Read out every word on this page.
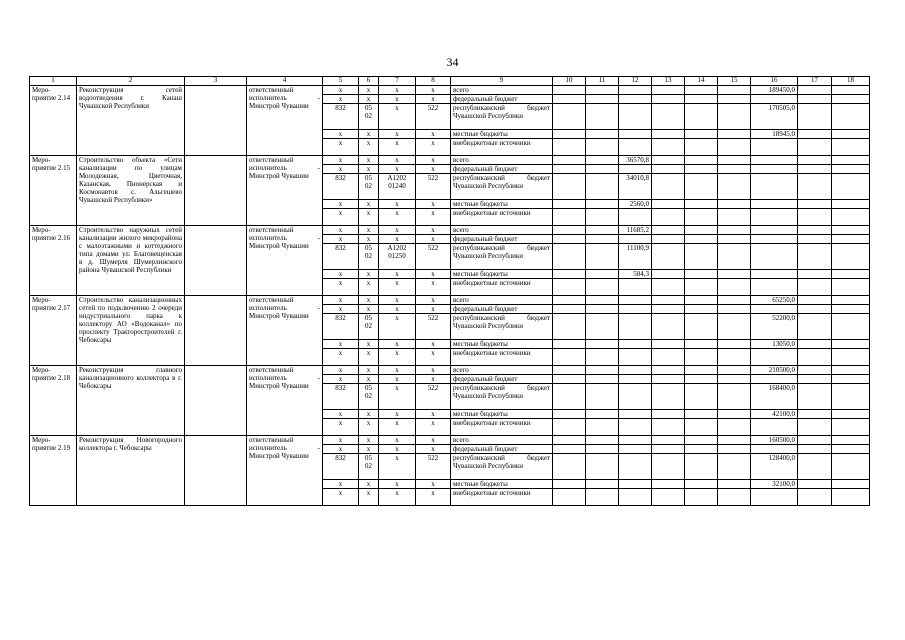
34
1	2	3	4	5	6	7	8	9	10	11	12	13	14	15	16	17	18
Меро-приятие 2.14	Реконструкция сетей водоотведения г. Канаш Чувашской Республики		ответственный исполнитель - Минстрой Чувашии	x	x	x	x	всего							189450,0		
				x	x	x	x	федеральный бюджет									
				832	05 02	x	522	республиканский бюджет Чувашской Республики							170505,0		
				x	x	x	x	местные бюджеты							18945,0		
				x	x	x	x	внебюджетные источники									
Меро-приятие 2.15	Строительство объекта «Сети канализации по улицам Молодежная, Цветочная, Казанская, Пионерская и Космонавтов с. Альгешево Чувашской Республики»		ответственный исполнитель - Минстрой Чувашии	x	x	x	x	всего			36570,8						
				x	x	x	x	федеральный бюджет									
				832	05 02	A1202 01240	522	республиканский бюджет Чувашской Республики			34010,8						
				x	x	x	x	местные бюджеты			2560,0						
				x	x	x	x	внебюджетные источники									
Меро-приятие 2.16	Строительство наружных сетей канализации жилого микрорайона с малоэтажными и коттеджного типа домами ул. Благовещенская в д. Шумерля Шумерлинского района Чувашской Республики		ответственный исполнитель - Минстрой Чувашии	x	x	x	x	всего			11685,2						
				x	x	x	x	федеральный бюджет									
				832	05 02	A1202 01250	522	республиканский бюджет Чувашской Республики			11100,9						
				x	x	x	x	местные бюджеты			584,3						
				x	x	x	x	внебюджетные источники									
Меро-приятие 2.17	Строительство канализационных сетей по подключению 2 очереди индустриального парка к коллектору АО «Водоканал» по проспекту Тракторостроителей г. Чебоксары		ответственный исполнитель - Минстрой Чувашии	x	x	x	x	всего							65250,0		
				x	x	x	x	федеральный бюджет									
				832	05 02	x	522	республиканский бюджет Чувашской Республики							52200,0		
				x	x	x	x	местные бюджеты							13050,0		
				x	x	x	x	внебюджетные источники									
Меро-приятие 2.18	Реконструкция главного канализационного коллектора в г. Чебоксары		ответственный исполнитель - Минстрой Чувашии	x	x	x	x	всего							210500,0		
				x	x	x	x	федеральный бюджет									
				832	05 02	x	522	республиканский бюджет Чувашской Республики							168400,0		
				x	x	x	x	местные бюджеты							42100,0		
				x	x	x	x	внебюджетные источники									
Меро-приятие 2.19	Реконструкция Новогородного коллектора г. Чебоксары		ответственный исполнитель - Минстрой Чувашии	x	x	x	x	всего							160500,0		
				x	x	x	x	федеральный бюджет									
				832	05 02	x	522	республиканский бюджет Чувашской Республики							128400,0		
				x	x	x	x	местные бюджеты							32100,0		
				x	x	x	x	внебюджетные источники									
